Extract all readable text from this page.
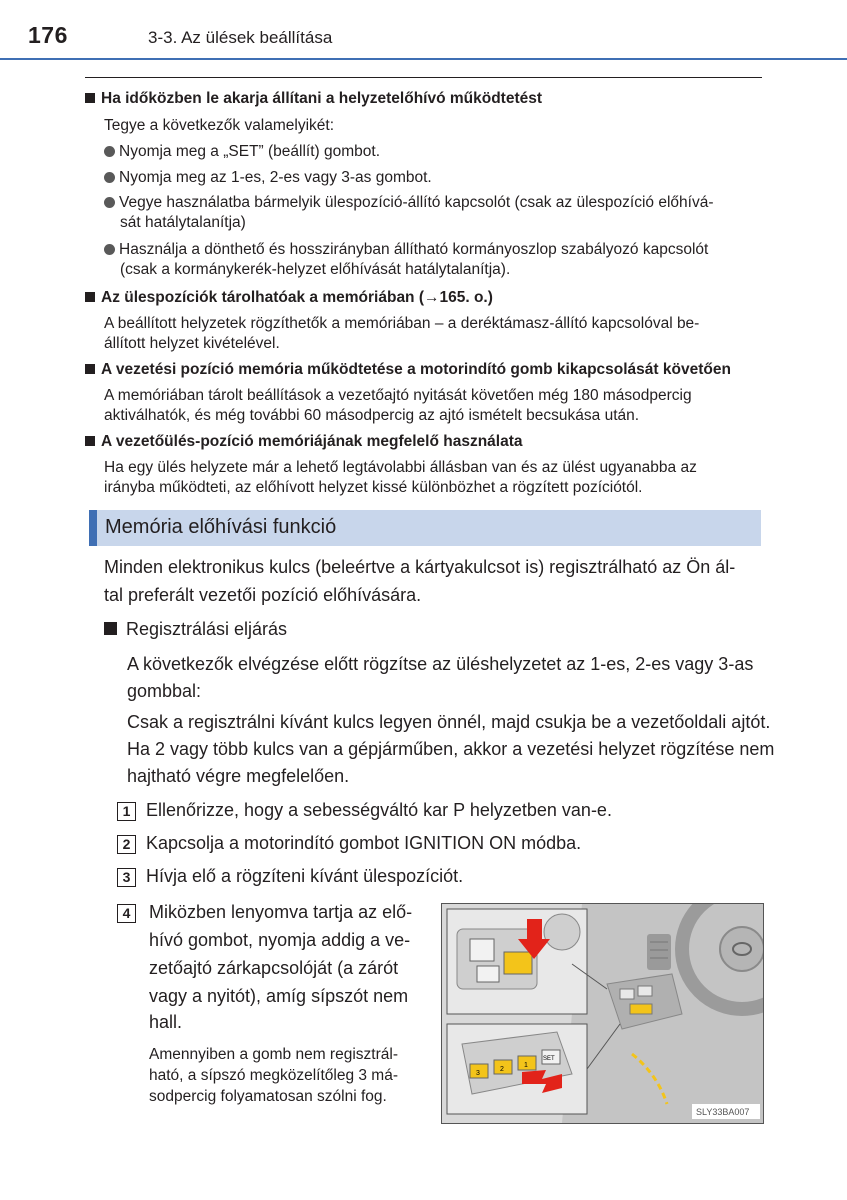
176	3-3. Az ülések beállítása
Ha időközben le akarja állítani a helyzetelőhívó működtetést
Tegye a következők valamelyikét:
Nyomja meg a „SET” (beállít) gombot.
Nyomja meg az 1-es, 2-es vagy 3-as gombot.
Vegye használatba bármelyik ülespozíció-állító kapcsolót (csak az ülespozíció előhívá-
sát hatálytalanítja)
Használja a dönthető és hosszirányban állítható kormányoszlop szabályozó kapcsolót
(csak a kormánykerék-helyzet előhívását hatálytalanítja).
Az ülespozíciók tárolhatóak a memóriában (→165. o.)
A beállított helyzetek rögzíthetők a memóriában – a deréktámasz-állító kapcsolóval be-
állított helyzet kivételével.
A vezetési pozíció memória működtetése a motorindító gomb kikapcsolását követően
A memóriában tárolt beállítások a vezetőajtó nyitását követően még 180 másodpercig
aktiválhatók, és még további 60 másodpercig az ajtó ismételt becsukása után.
A vezetőülés-pozíció memóriájának megfelelő használata
Ha egy ülés helyzete már a lehető legtávolabbi állásban van és az ülést ugyanabba az
irányba működteti, az előhívott helyzet kissé különbözhet a rögzített pozíciótól.
Memória előhívási funkció
Minden elektronikus kulcs (beleértve a kártyakulcsot is) regisztrálható az Ön ál-
tal preferált vezetői pozíció előhívására.
Regisztrálási eljárás
A következők elvégzése előtt rögzítse az üléshelyzetet az 1-es, 2-es vagy 3-as
gombbal:
Csak a regisztrálni kívánt kulcs legyen önnél, majd csukja be a vezetőoldali ajtót.
Ha 2 vagy több kulcs van a gépjárműben, akkor a vezetési helyzet rögzítése nem
hajtható végre megfelelően.
1 Ellenőrizze, hogy a sebességváltó kar P helyzetben van-e.
2 Kapcsolja a motorindító gombot IGNITION ON módba.
3 Hívja elő a rögzíteni kívánt ülespozíciót.
4	Miközben lenyomva tartja az elő-
hívó gombot, nyomja addig a ve-
zetőajtó zárkapcsolóját (a zárót
vagy a nyitót), amíg sípszót nem
hall.
Amennyiben a gomb nem regisztrál-
ható, a sípszó megközelítőleg 3 má-
sodpercig folyamatosan szólni fog.
3
2
1
SET
SLY33BA007
